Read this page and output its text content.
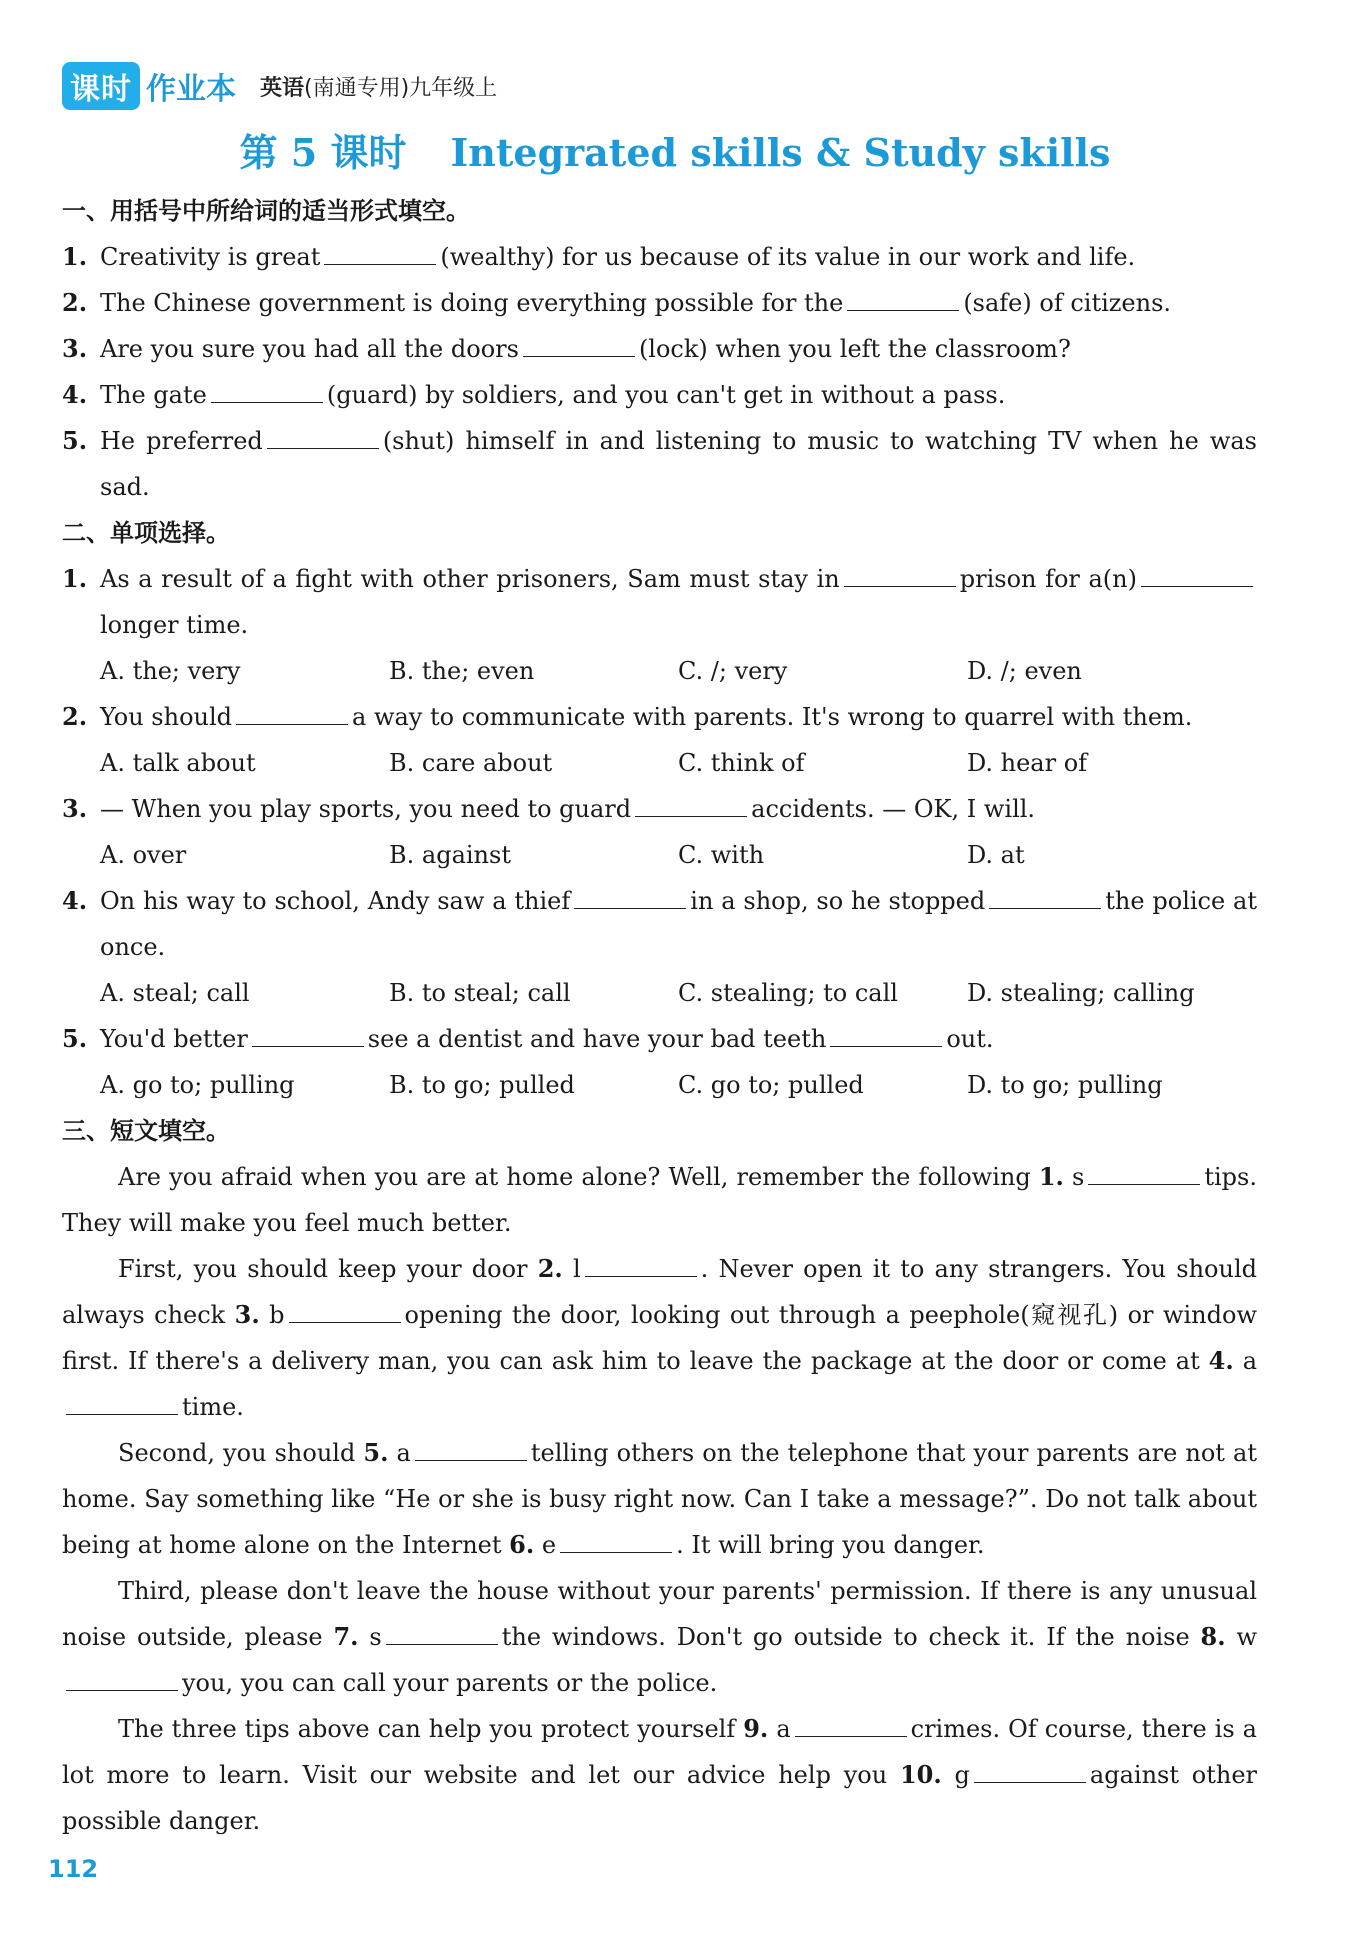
课时 作业本 英语(南通专用)九年级上
第 5 课时 Integrated skills & Study skills
一、用括号中所给词的适当形式填空。
1. Creativity is great	(wealthy) for us because of its value in our work and life.
2. The Chinese government is doing everything possible for the	(safe) of citizens.
3. Are you sure you had all the doors	(lock) when you left the classroom?
4. The gate	(guard) by soldiers, and you can't get in without a pass.
5. He preferred	(shut) himself in and listening to music to watching TV when he was sad.
二、单项选择。
1. As a result of a fight with other prisoners, Sam must stay in	prison for a(n)longer time.
A. the; very	B. the; even	C. /; very	D. /; even
2. You should	a way to communicate with parents. It's wrong to quarrel with them.
A. talk about	B. care about	C. think of	D. hear of
3. — When you play sports, you need to guard	accidents. — OK, I will.
A. over	B. against	C. with	D. at
4. On his way to school, Andy saw a thief	in a shop, so he stopped	the police at once.
A. steal; call	B. to steal; call	C. stealing; to call	D. stealing; calling
5. You'd better	see a dentist and have your bad teeth	out.
A. go to; pulling	B. to go; pulled	C. go to; pulled	D. to go; pulling
三、短文填空。
Are you afraid when you are at home alone? Well, remember the following 1. s	tips. They will make you feel much better.
First, you should keep your door 2. l	. Never open it to any strangers. You should always check 3. b	opening the door, looking out through a peephole(窥视孔) or window first. If there's a delivery man, you can ask him to leave the package at the door or come at 4. atime.
Second, you should 5. a	telling others on the telephone that your parents are not at home. Say something like “He or she is busy right now. Can I take a message?”. Do not talk about being at home alone on the Internet 6. e	. It will bring you danger.
Third, please don't leave the house without your parents' permission. If there is any unusual noise outside, please 7. s	the windows. Don't go outside to check it. If the noise 8. wyou, you can call your parents or the police.
The three tips above can help you protect yourself 9. a	crimes. Of course, there is a lot more to learn. Visit our website and let our advice help you 10. g	against other possible danger.
112
